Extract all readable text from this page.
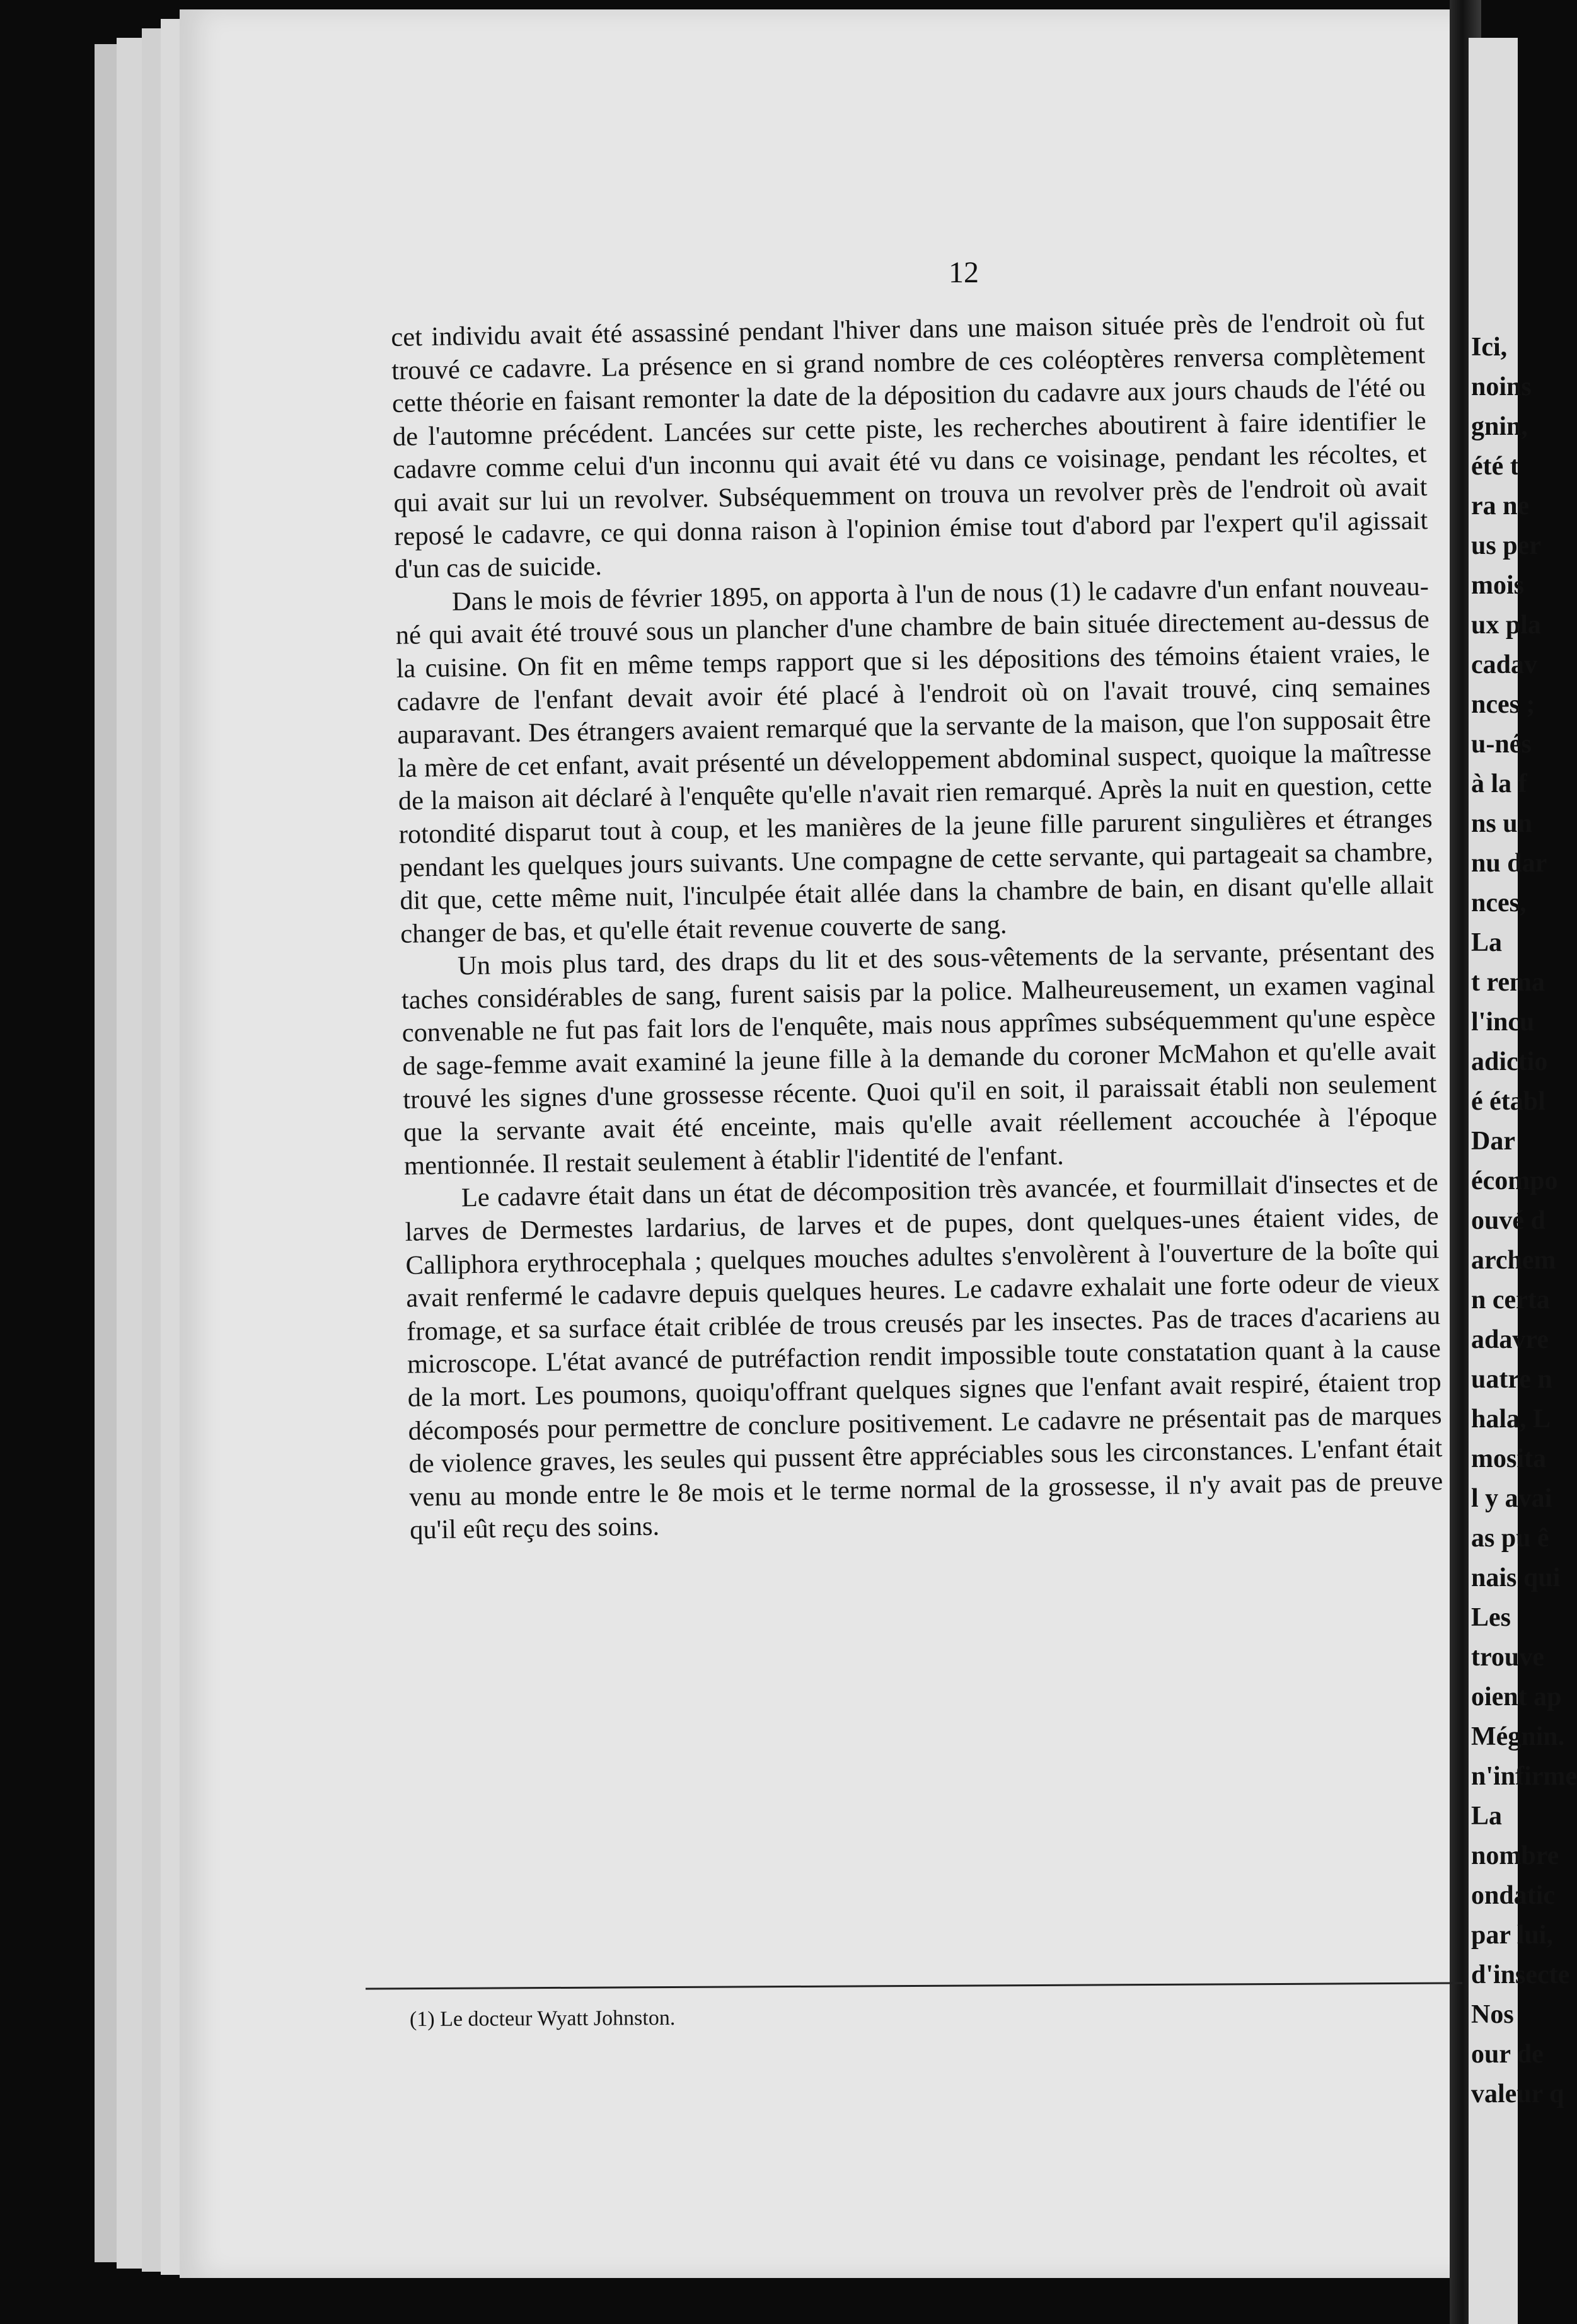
Ici,
noins
gnin,
été t
ra ne
us per
mois
ux pla
cadav
nces ;
u-nés
à la f
ns un
nu dar
nces,
La
t rema
l'incu
adictio
é établ
Dar
écompo
ouvé d
archem
n certa
adavre
uatre n
hala, L
mosita
l y avai
as pu ê
nais qui
Les
trouve
oient ap
Mégnin.
n'infirme
La
nombre
ondatic
par lui,
d'insecte
Nos
our de
valeur q
12

cet individu avait été assassiné pendant l'hiver dans une maison située près de l'endroit où fut trouvé ce cadavre. La présence en si grand nombre de ces coléoptères renversa complètement cette théorie en faisant remonter la date de la déposition du cadavre aux jours chauds de l'été ou de l'automne précédent. Lancées sur cette piste, les recherches aboutirent à faire identifier le cadavre comme celui d'un inconnu qui avait été vu dans ce voisinage, pendant les récoltes, et qui avait sur lui un revolver. Subséquemment on trouva un revolver près de l'endroit où avait reposé le cadavre, ce qui donna raison à l'opinion émise tout d'abord par l'expert qu'il agissait d'un cas de suicide.

Dans le mois de février 1895, on apporta à l'un de nous (1) le cadavre d'un enfant nouveau-né qui avait été trouvé sous un plancher d'une chambre de bain située directement au-dessus de la cuisine. On fit en même temps rapport que si les dépositions des témoins étaient vraies, le cadavre de l'enfant devait avoir été placé à l'endroit où on l'avait trouvé, cinq semaines auparavant. Des étrangers avaient remarqué que la servante de la maison, que l'on supposait être la mère de cet enfant, avait présenté un développement abdominal suspect, quoique la maîtresse de la maison ait déclaré à l'enquête qu'elle n'avait rien remarqué. Après la nuit en question, cette rotondité disparut tout à coup, et les manières de la jeune fille parurent singulières et étranges pendant les quelques jours suivants. Une compagne de cette servante, qui partageait sa chambre, dit que, cette même nuit, l'inculpée était allée dans la chambre de bain, en disant qu'elle allait changer de bas, et qu'elle était revenue couverte de sang.

Un mois plus tard, des draps du lit et des sous-vêtements de la servante, présentant des taches considérables de sang, furent saisis par la police. Malheureusement, un examen vaginal convenable ne fut pas fait lors de l'enquête, mais nous apprîmes subséquemment qu'une espèce de sage-femme avait examiné la jeune fille à la demande du coroner McMahon et qu'elle avait trouvé les signes d'une grossesse récente. Quoi qu'il en soit, il paraissait établi non seulement que la servante avait été enceinte, mais qu'elle avait réellement accouchée à l'époque mentionnée. Il restait seulement à établir l'identité de l'enfant.

Le cadavre était dans un état de décomposition très avancée, et fourmillait d'insectes et de larves de Dermestes lardarius, de larves et de pupes, dont quelques-unes étaient vides, de Calliphora erythrocephala ; quelques mouches adultes s'envolèrent à l'ouverture de la boîte qui avait renfermé le cadavre depuis quelques heures. Le cadavre exhalait une forte odeur de vieux fromage, et sa surface était criblée de trous creusés par les insectes. Pas de traces d'acariens au microscope. L'état avancé de putréfaction rendit impossible toute constatation quant à la cause de la mort. Les poumons, quoiqu'offrant quelques signes que l'enfant avait respiré, étaient trop décomposés pour permettre de conclure positivement. Le cadavre ne présentait pas de marques de violence graves, les seules qui pussent être appréciables sous les circonstances. L'enfant était venu au monde entre le 8e mois et le terme normal de la grossesse, il n'y avait pas de preuve qu'il eût reçu des soins.

(1) Le docteur Wyatt Johnston.
